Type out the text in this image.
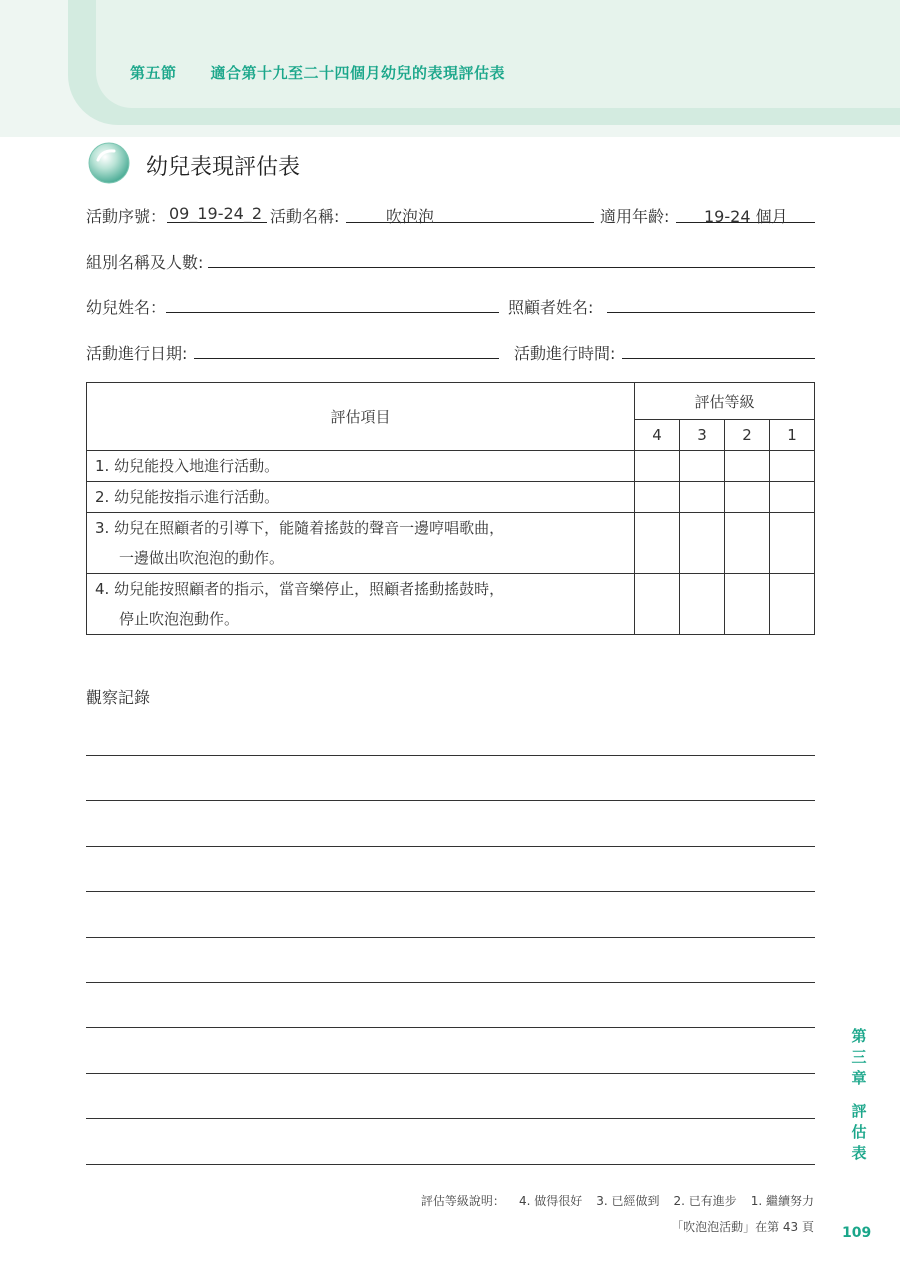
第五節 適合第十九至二十四個月幼兒的表現評估表
幼兒表現評估表
活動序號： 09_19-24_2 活動名稱:	吹泡泡	適用年齡: 19-24 個月
組別名稱及人數:
幼兒姓名：	照顧者姓名:
活動進行日期:	活動進行時間:
評估項目	評估等級			
	4	3	2	1

1. 幼兒能投入地進行活動。				

2. 幼兒能按指示進行活動。				

3. 幼兒在照顧者的引導下，能隨着搖鼓的聲音一邊哼唱歌曲，
一邊做出吹泡泡的動作。				

4. 幼兒能按照顧者的指示，當音樂停止，照顧者搖動搖鼓時，
停止吹泡泡動作。				

觀察記錄
第
三
章
評
估
表
評估等級說明： 4. 做得很好 3. 已經做到 2. 已有進步 1. 繼續努力
「吹泡泡活動」在第 43 頁 109
